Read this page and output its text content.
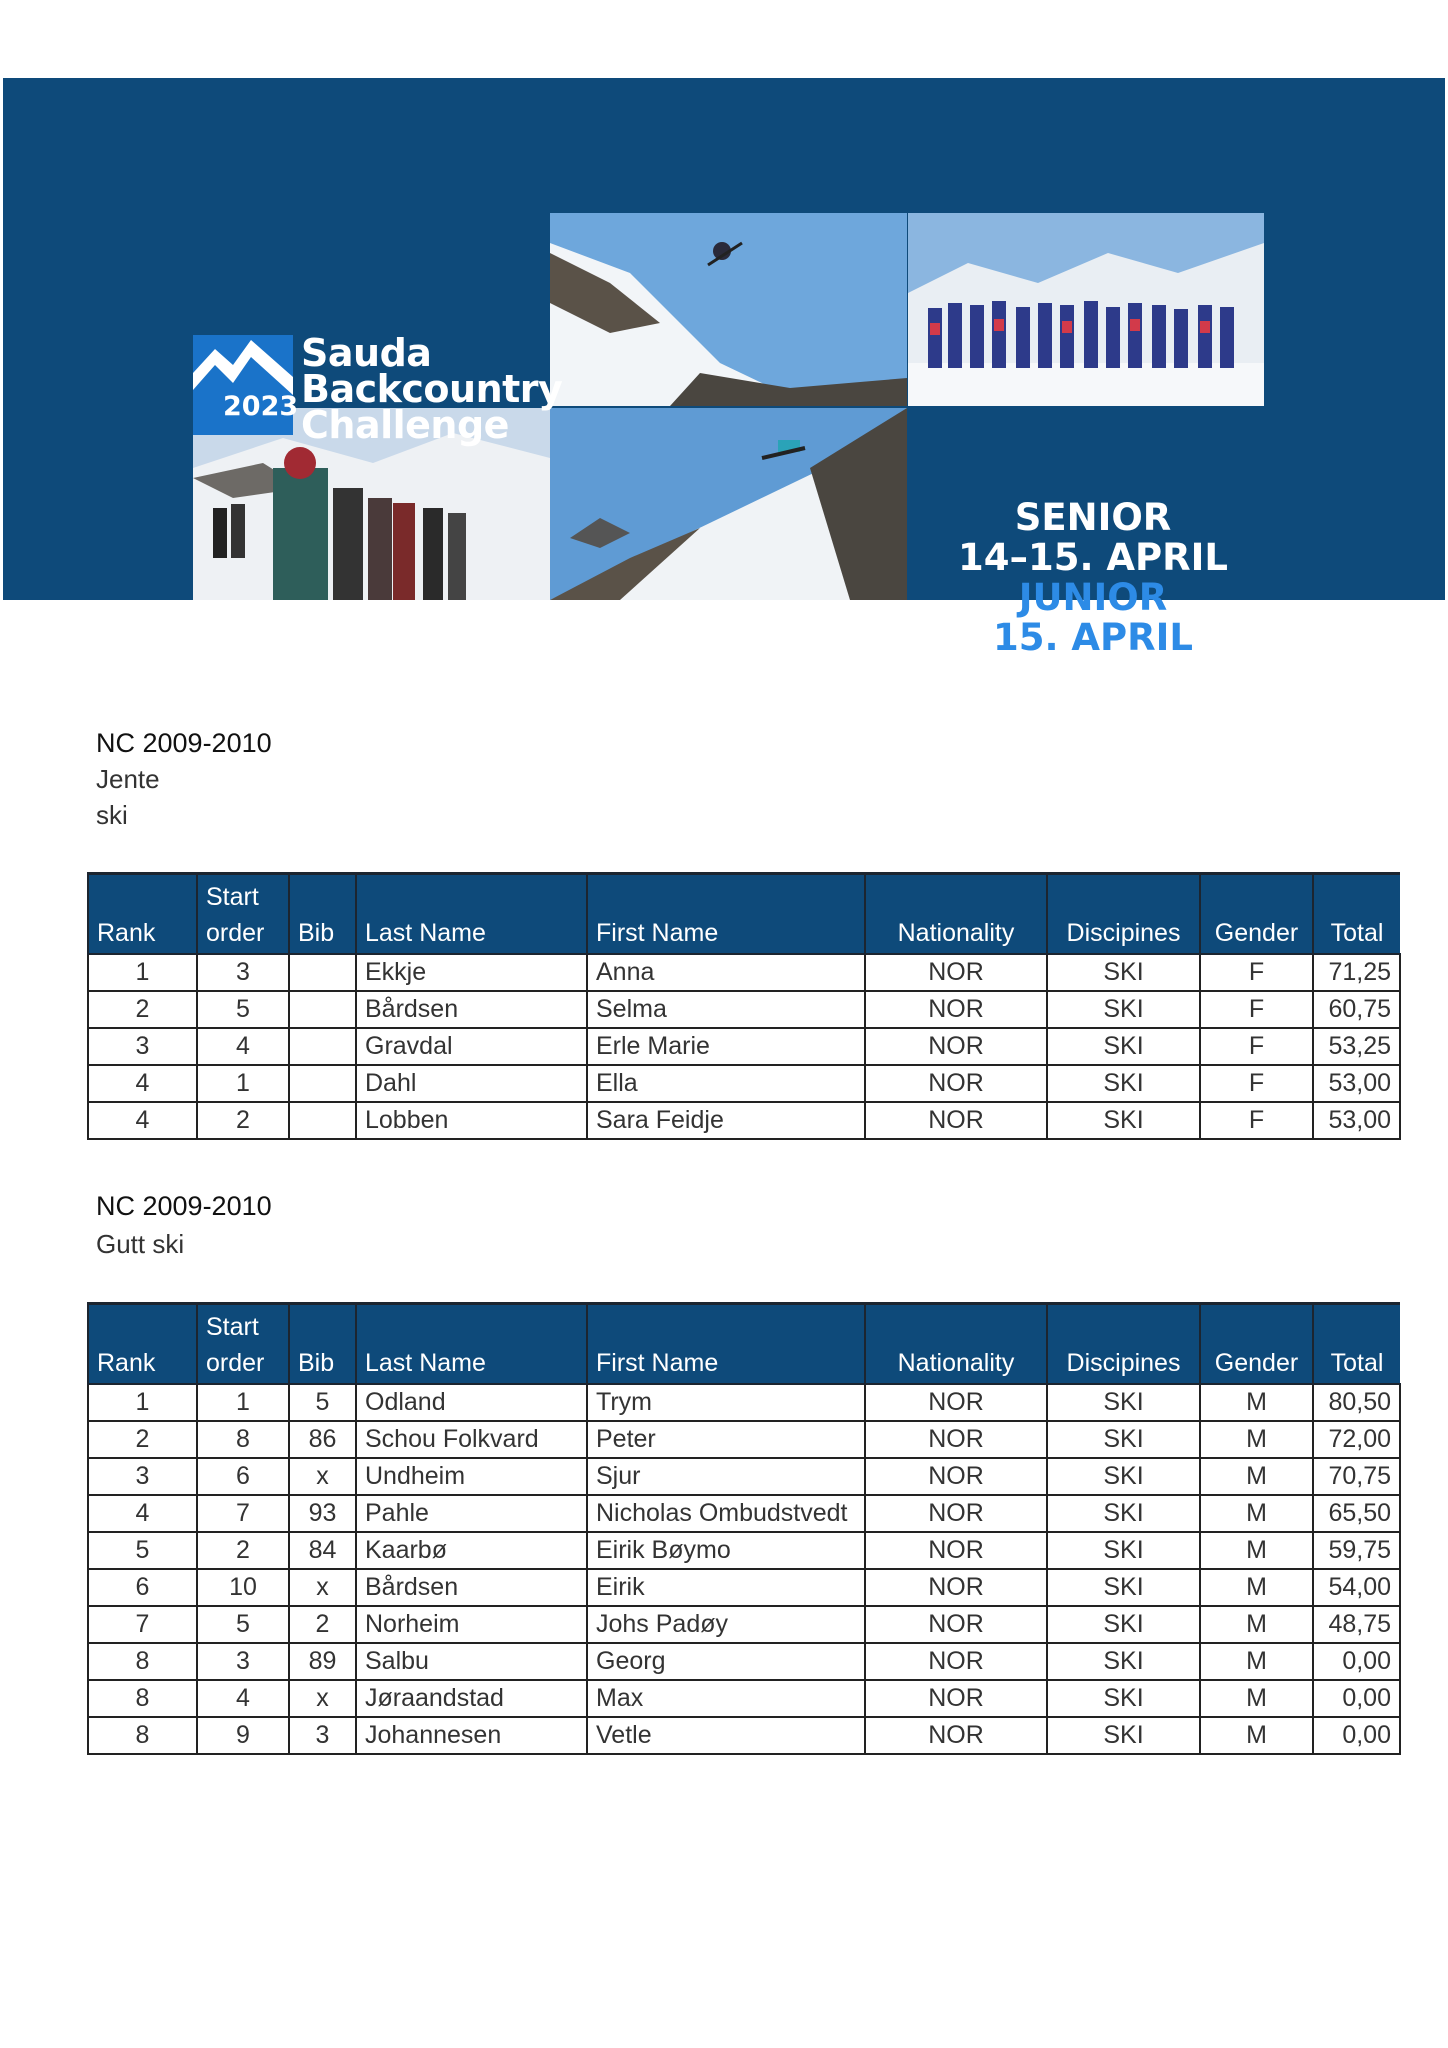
2023
Sauda
Backcountry
Challenge
SENIOR
14–15. APRIL
JUNIOR
15. APRIL
NC 2009-2010
Jente
ski
Rank	Start order	Bib	Last Name	First Name	Nationality	Discipines	Gender	Total
1	3		Ekkje	Anna	NOR	SKI	F	71,25
2	5		Bårdsen	Selma	NOR	SKI	F	60,75
3	4		Gravdal	Erle Marie	NOR	SKI	F	53,25
4	1		Dahl	Ella	NOR	SKI	F	53,00
4	2		Lobben	Sara Feidje	NOR	SKI	F	53,00
NC 2009-2010
Gutt ski
Rank	Start order	Bib	Last Name	First Name	Nationality	Discipines	Gender	Total
1	1	5	Odland	Trym	NOR	SKI	M	80,50
2	8	86	Schou Folkvard	Peter	NOR	SKI	M	72,00
3	6	x	Undheim	Sjur	NOR	SKI	M	70,75
4	7	93	Pahle	Nicholas Ombudstvedt	NOR	SKI	M	65,50
5	2	84	Kaarbø	Eirik Bøymo	NOR	SKI	M	59,75
6	10	x	Bårdsen	Eirik	NOR	SKI	M	54,00
7	5	2	Norheim	Johs Padøy	NOR	SKI	M	48,75
8	3	89	Salbu	Georg	NOR	SKI	M	0,00
8	4	x	Jøraandstad	Max	NOR	SKI	M	0,00
8	9	3	Johannesen	Vetle	NOR	SKI	M	0,00
